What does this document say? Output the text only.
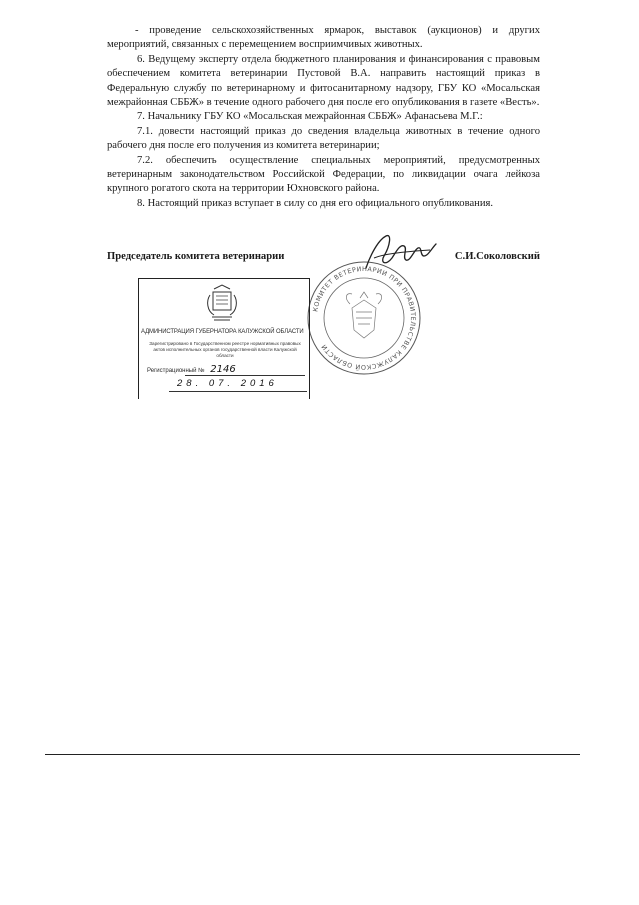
- проведение сельскохозяйственных ярмарок, выставок (аукционов) и других мероприятий, связанных с перемещением восприимчивых животных.

6. Ведущему эксперту отдела бюджетного планирования и финансирования с правовым обеспечением комитета ветеринарии Пустовой В.А. направить настоящий приказ в Федеральную службу по ветеринарному и фитосанитарному надзору, ГБУ КО «Мосальская межрайонная СББЖ» в течение одного рабочего дня после его опубликования в газете «Весть».

7. Начальнику ГБУ КО «Мосальская межрайонная СББЖ» Афанасьева М.Г.:

7.1. довести настоящий приказ до сведения владельца животных в течение одного рабочего дня после его получения из комитета ветеринарии;

7.2. обеспечить осуществление специальных мероприятий, предусмотренных ветеринарным законодательством Российской Федерации, по ликвидации очага лейкоза крупного рогатого скота на территории Юхновского района.

8. Настоящий приказ вступает в силу со дня его официального опубликования.

Председатель комитета ветеринарии	С.И.Соколовский
КОМИТЕТ ВЕТЕРИНАРИИ ПРИ ПРАВИТЕЛЬСТВЕ КАЛУЖСКОЙ ОБЛАСТИ
АДМИНИСТРАЦИЯ ГУБЕРНАТОРА КАЛУЖСКОЙ ОБЛАСТИ
Зарегистрировано в Государственном реестре нормативных правовых актов исполнительных органов государственной власти Калужской области
Регистрационный № 2146
28. 07. 2016
